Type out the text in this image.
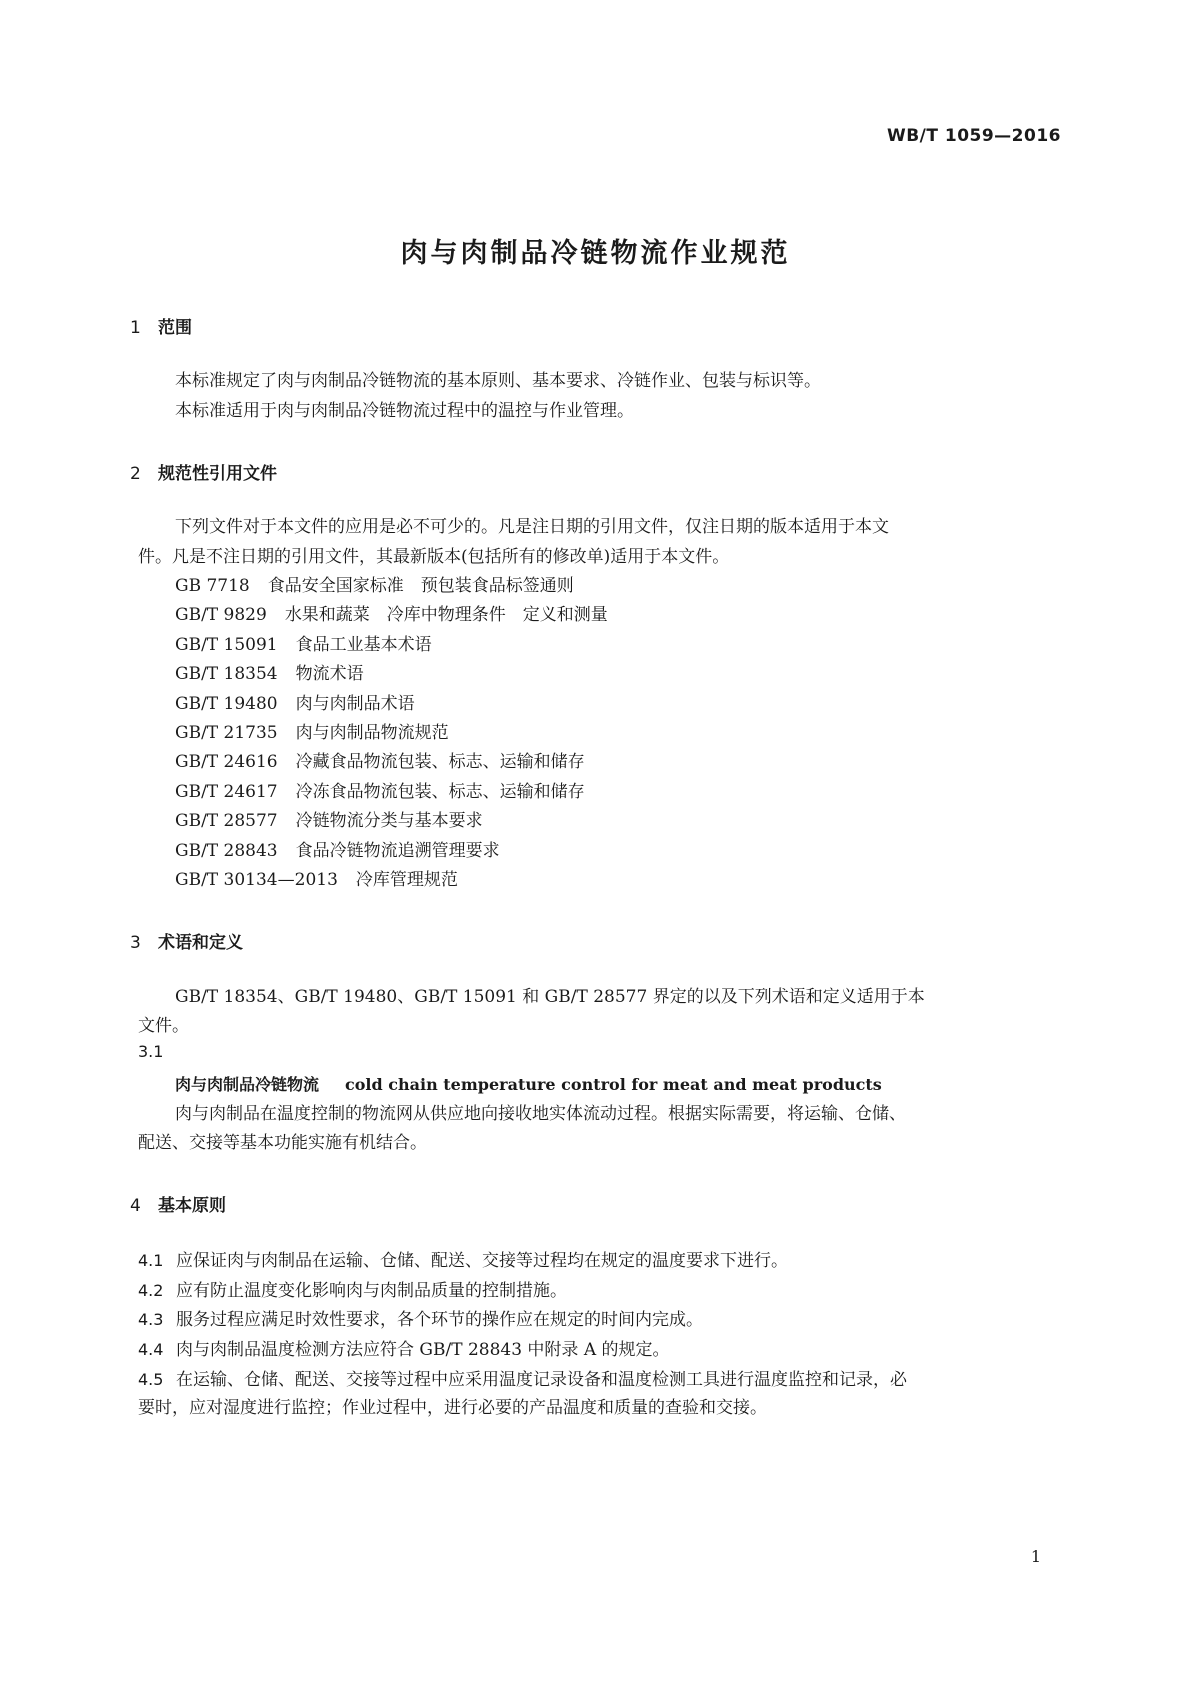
WB/T 1059—2016
肉与肉制品冷链物流作业规范
1 范围
本标准规定了肉与肉制品冷链物流的基本原则、基本要求、冷链作业、包装与标识等。
本标准适用于肉与肉制品冷链物流过程中的温控与作业管理。
2 规范性引用文件
下列文件对于本文件的应用是必不可少的。凡是注日期的引用文件，仅注日期的版本适用于本文
件。凡是不注日期的引用文件，其最新版本(包括所有的修改单)适用于本文件。
GB 7718 食品安全国家标准　预包装食品标签通则
GB/T 9829 水果和蔬菜　冷库中物理条件　定义和测量
GB/T 15091 食品工业基本术语
GB/T 18354 物流术语
GB/T 19480 肉与肉制品术语
GB/T 21735 肉与肉制品物流规范
GB/T 24616 冷藏食品物流包装、标志、运输和储存
GB/T 24617 冷冻食品物流包装、标志、运输和储存
GB/T 28577 冷链物流分类与基本要求
GB/T 28843 食品冷链物流追溯管理要求
GB/T 30134—2013 冷库管理规范
3 术语和定义
GB/T 18354、GB/T 19480、GB/T 15091 和 GB/T 28577 界定的以及下列术语和定义适用于本
文件。
3.1
肉与肉制品冷链物流 cold chain temperature control for meat and meat products
肉与肉制品在温度控制的物流网从供应地向接收地实体流动过程。根据实际需要，将运输、仓储、
配送、交接等基本功能实施有机结合。
4 基本原则
4.1 应保证肉与肉制品在运输、仓储、配送、交接等过程均在规定的温度要求下进行。
4.2 应有防止温度变化影响肉与肉制品质量的控制措施。
4.3 服务过程应满足时效性要求，各个环节的操作应在规定的时间内完成。
4.4 肉与肉制品温度检测方法应符合 GB/T 28843 中附录 A 的规定。
4.5 在运输、仓储、配送、交接等过程中应采用温度记录设备和温度检测工具进行温度监控和记录，必
要时，应对湿度进行监控；作业过程中，进行必要的产品温度和质量的查验和交接。
1
